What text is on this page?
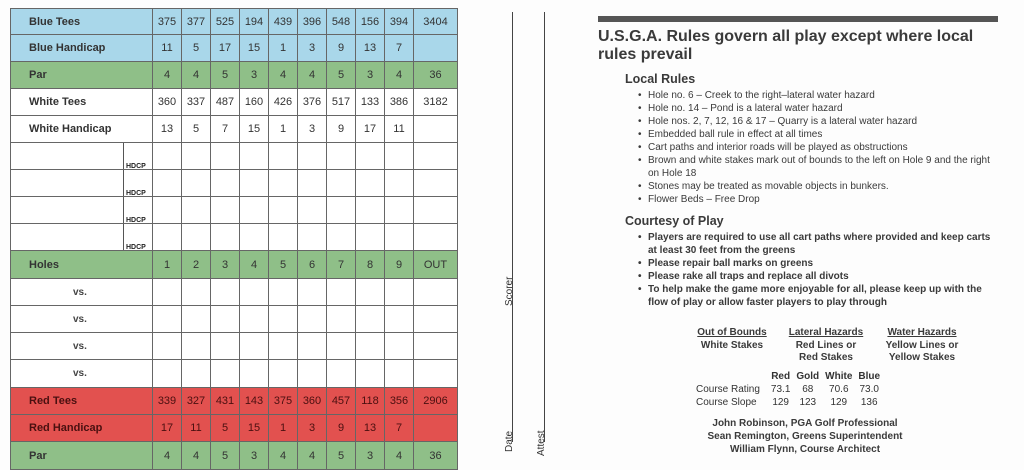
Blue Tees	375	377	525	194	439	396	548	156	394	3404
Blue Handicap	11	5	17	15	1	3	9	13	7	
Par	4	4	5	3	4	4	5	3	4	36
White Tees	360	337	487	160	426	376	517	133	386	3182
White Handicap	13	5	7	15	1	3	9	17	11	

HDCP										

HDCP										

HDCP										

HDCP										

Holes	1	2	3	4	5	6	7	8	9	OUT
vs.										
vs.										
vs.										
vs.										
Red Tees	339	327	431	143	375	360	457	118	356	2906
Red Handicap	17	11	5	15	1	3	9	13	7	
Par	4	4	5	3	4	4	5	3	4	36
Scorer
Date Attest
U.S.G.A. Rules govern all play except where local rules prevail
Local Rules
• Hole no. 6 – Creek to the right–lateral water hazard
• Hole no. 14 – Pond is a lateral water hazard
• Hole nos. 2, 7, 12, 16 & 17 – Quarry is a lateral water hazard
• Embedded ball rule in effect at all times
• Cart paths and interior roads will be played as obstructions
• Brown and white stakes mark out of bounds to the left on Hole 9 and the right on Hole 18
• Stones may be treated as movable objects in bunkers.
• Flower Beds – Free Drop
Courtesy of Play
• Players are required to use all cart paths where provided and keep carts at least 30 feet from the greens
• Please repair ball marks on greens
• Please rake all traps and replace all divots
• To help make the game more enjoyable for all, please keep up with the flow of play or allow faster players to play through
Out of Bounds
White Stakes
Lateral Hazards
Red Lines or
Red Stakes
Water Hazards
Yellow Lines or
Yellow Stakes
	Red	Gold	White	Blue
Course Rating	73.1	68	70.6	73.0
Course Slope	129	123	129	136
John Robinson, PGA Golf Professional
Sean Remington, Greens Superintendent
William Flynn, Course Architect
